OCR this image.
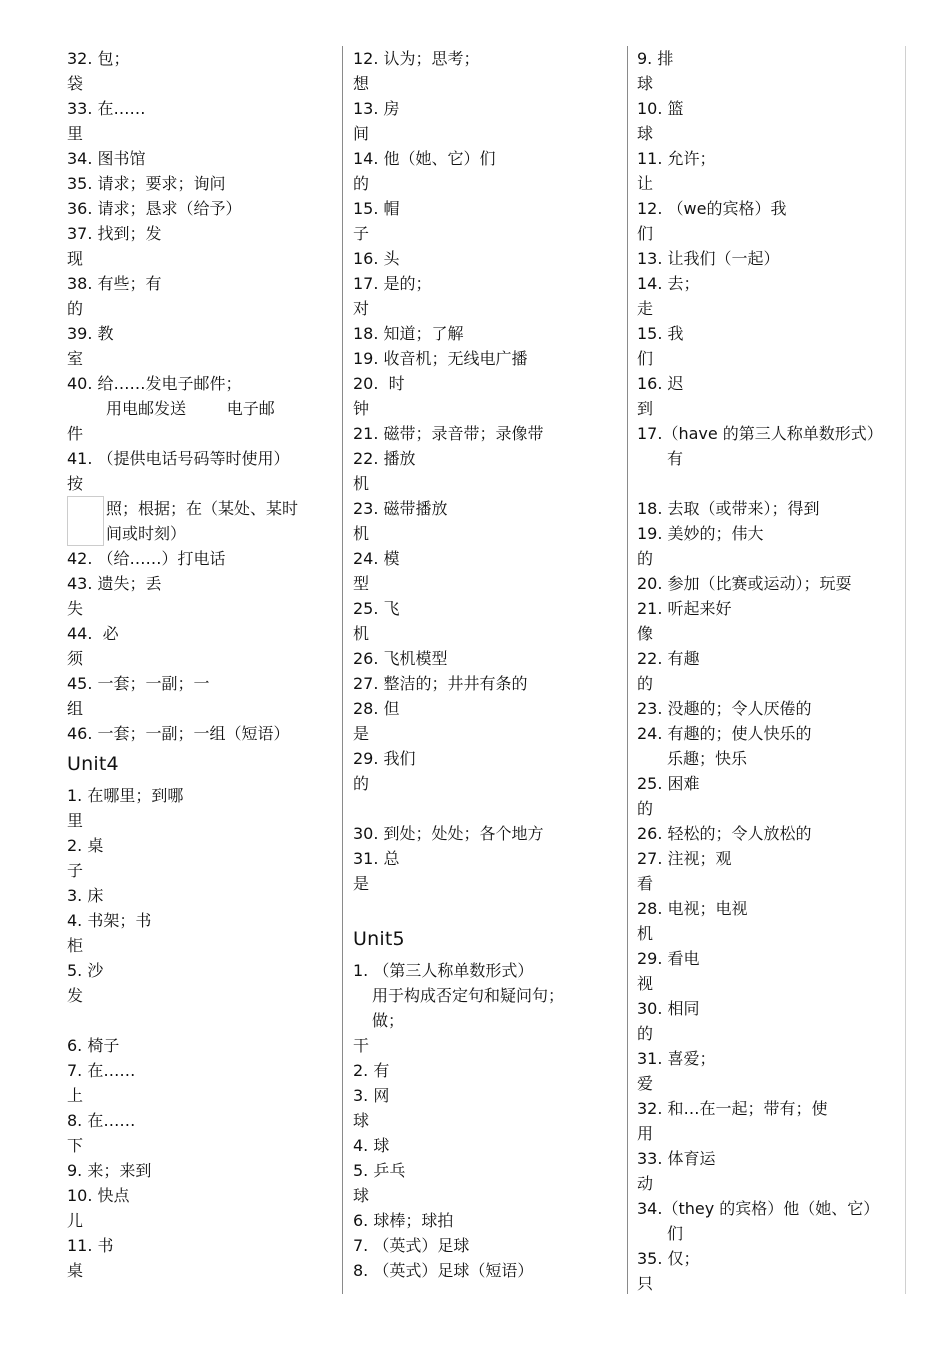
32. 包；
袋
33. 在……
里
34. 图书馆
35. 请求；要求；询问
36. 请求；恳求（给予）
37. 找到；发
现
38. 有些；有
的
39. 教
室
40. 给……发电子邮件；
用电邮发送        电子邮
件
41. （提供电话号码等时使用）
按
照；根据；在（某处、某时
间或时刻）
42. （给……）打电话
43. 遗失；丢
失
44.  必
须
45. 一套；一副；一
组
46. 一套；一副；一组（短语）
Unit4
1. 在哪里；到哪
里
2. 桌
子
3. 床
4. 书架；书
柜
5. 沙
发
6. 椅子
7. 在……
上
8. 在……
下
9. 来；来到
10. 快点
儿
11. 书
桌
12. 认为；思考；
想
13. 房
间
14. 他（她、它）们
的
15. 帽
子
16. 头
17. 是的；
对
18. 知道；了解
19. 收音机；无线电广播
20.  时
钟
21. 磁带；录音带；录像带
22. 播放
机
23. 磁带播放
机
24. 模
型
25. 飞
机
26. 飞机模型
27. 整洁的；井井有条的
28. 但
是
29. 我们
的
30. 到处；处处；各个地方
31. 总
是
Unit5
1. （第三人称单数形式）
用于构成否定句和疑问句；
做；
干
2. 有
3. 网
球
4. 球
5. 乒乓
球
6. 球棒；球拍
7. （英式）足球
8. （英式）足球（短语）
9. 排
球
10. 篮
球
11. 允许；
让
12. （we的宾格）我
们
13. 让我们（一起）
14. 去；
走
15. 我
们
16. 迟
到
17.（have 的第三人称单数形式）
有
18. 去取（或带来）；得到
19. 美妙的；伟大
的
20. 参加（比赛或运动）；玩耍
21. 听起来好
像
22. 有趣
的
23. 没趣的；令人厌倦的
24. 有趣的；使人快乐的
乐趣；快乐
25. 困难
的
26. 轻松的；令人放松的
27. 注视；观
看
28. 电视；电视
机
29. 看电
视
30. 相同
的
31. 喜爱；
爱
32. 和…在一起；带有；使
用
33. 体育运
动
34.（they 的宾格）他（她、它）
们
35. 仅；
只
